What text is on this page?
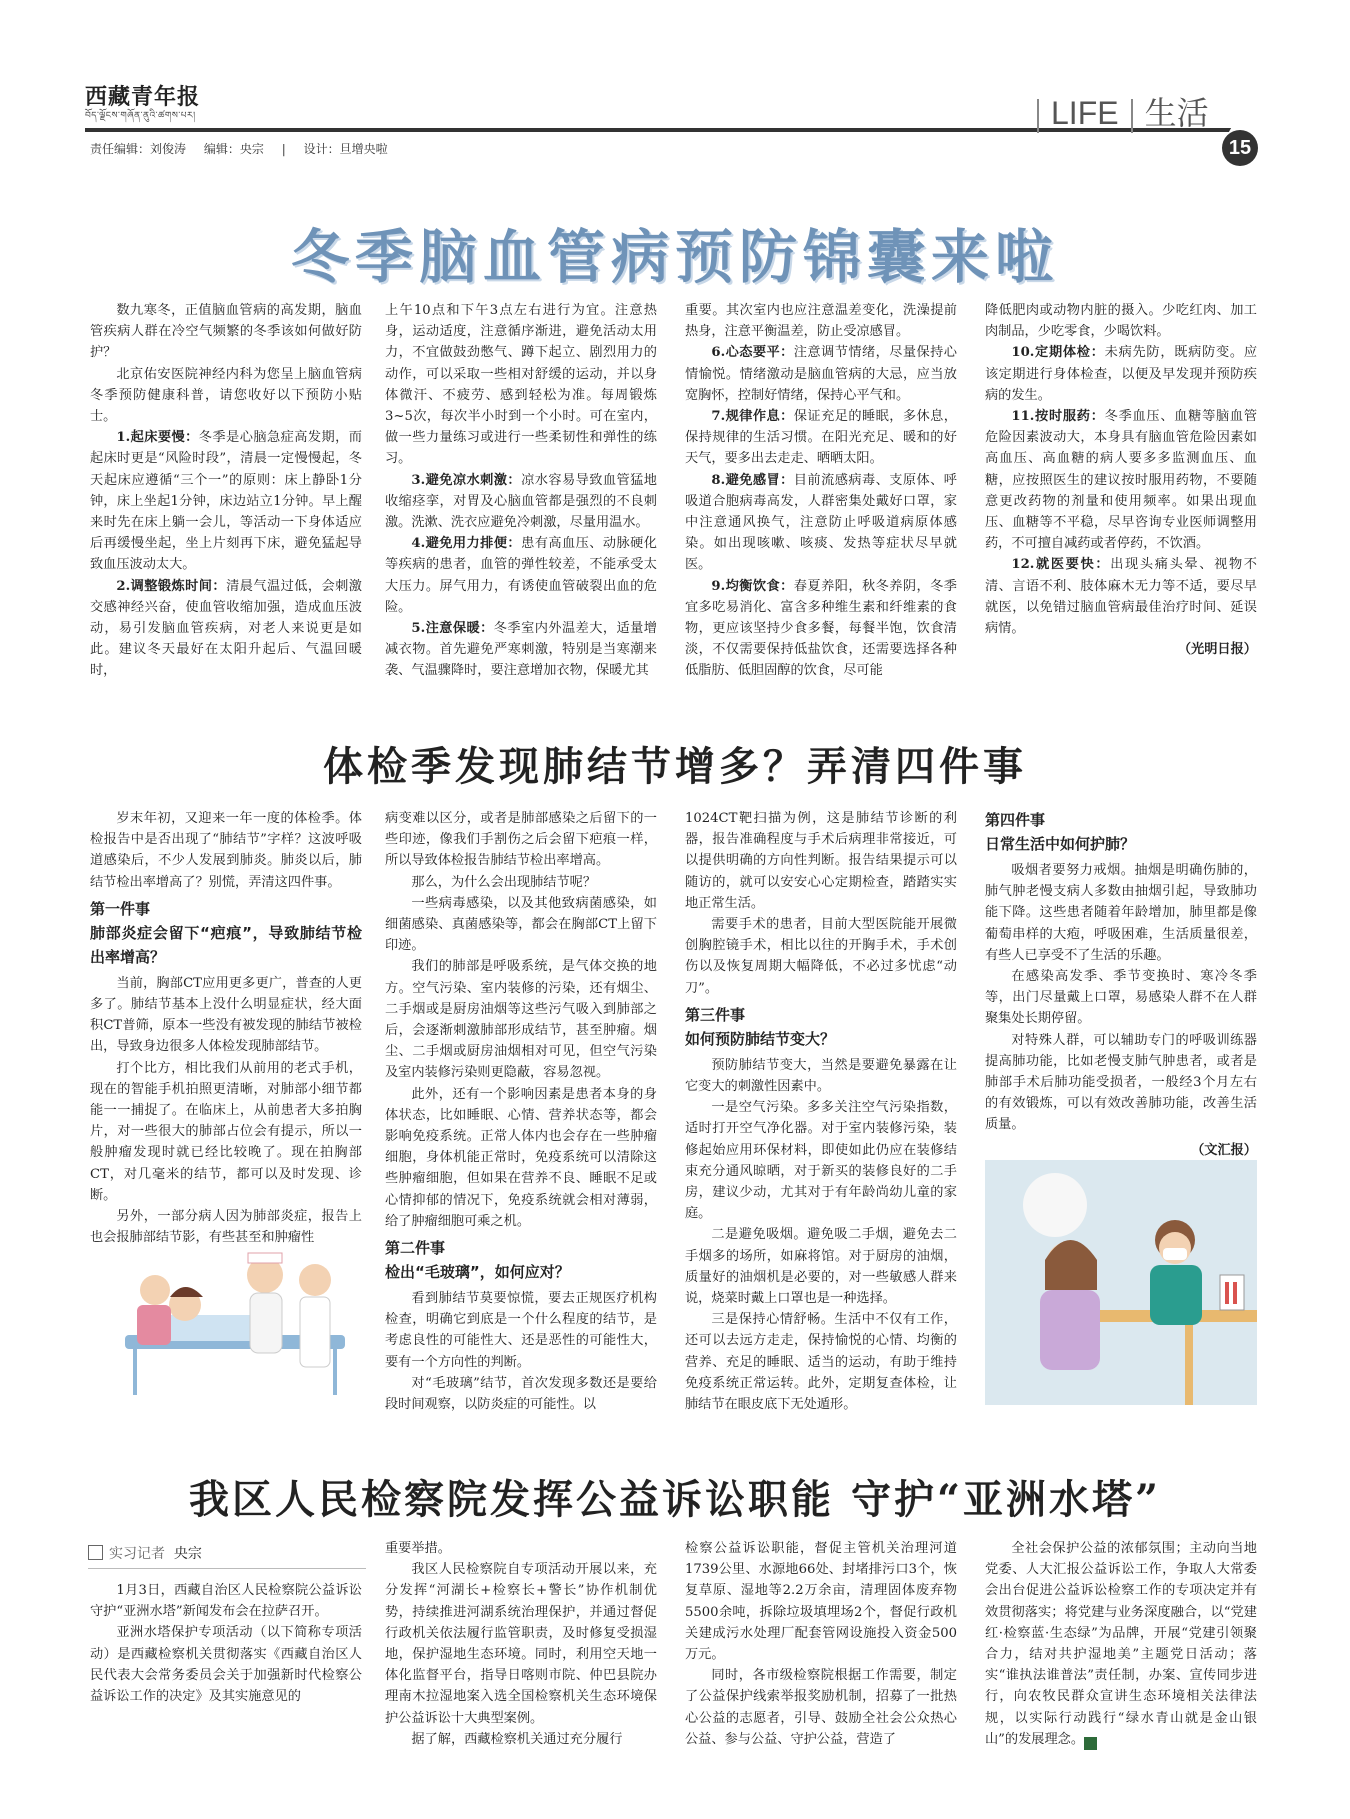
西藏青年报
བོད་ལྗོངས་གཞོན་ནུའི་ཚགས་པར།
责任编辑：刘俊涛 编辑：央宗 | 设计：旦增央啦
LIFE 生活
15
冬季脑血管病预防锦囊来啦

数九寒冬，正值脑血管病的高发期，脑血管疾病人群在冷空气频繁的冬季该如何做好防护？

北京佑安医院神经内科为您呈上脑血管病冬季预防健康科普，请您收好以下预防小贴士。

1.起床要慢：冬季是心脑急症高发期，而起床时更是“风险时段”，清晨一定慢慢起，冬天起床应遵循“三个一”的原则：床上静卧1分钟，床上坐起1分钟，床边站立1分钟。早上醒来时先在床上躺一会儿，等活动一下身体适应后再缓慢坐起，坐上片刻再下床，避免猛起导致血压波动太大。

2.调整锻炼时间：清晨气温过低，会刺激交感神经兴奋，使血管收缩加强，造成血压波动，易引发脑血管疾病，对老人来说更是如此。建议冬天最好在太阳升起后、气温回暖时，

上午10点和下午3点左右进行为宜。注意热身，运动适度，注意循序渐进，避免活动太用力，不宜做鼓劲憋气、蹲下起立、剧烈用力的动作，可以采取一些相对舒缓的运动，并以身体微汗、不疲劳、感到轻松为准。每周锻炼3~5次，每次半小时到一个小时。可在室内，做一些力量练习或进行一些柔韧性和弹性的练习。

3.避免凉水刺激：凉水容易导致血管猛地收缩痉挛，对胃及心脑血管都是强烈的不良刺激。洗漱、洗衣应避免冷刺激，尽量用温水。

4.避免用力排便：患有高血压、动脉硬化等疾病的患者，血管的弹性较差，不能承受太大压力。屏气用力，有诱使血管破裂出血的危险。

5.注意保暖：冬季室内外温差大，适量增减衣物。首先避免严寒刺激，特别是当寒潮来袭、气温骤降时，要注意增加衣物，保暖尤其

重要。其次室内也应注意温差变化，洗澡提前热身，注意平衡温差，防止受凉感冒。

6.心态要平：注意调节情绪，尽量保持心情愉悦。情绪激动是脑血管病的大忌，应当放宽胸怀，控制好情绪，保持心平气和。

7.规律作息：保证充足的睡眠，多休息，保持规律的生活习惯。在阳光充足、暖和的好天气，要多出去走走、晒晒太阳。

8.避免感冒：目前流感病毒、支原体、呼吸道合胞病毒高发，人群密集处戴好口罩，家中注意通风换气，注意防止呼吸道病原体感染。如出现咳嗽、咳痰、发热等症状尽早就医。

9.均衡饮食：春夏养阳，秋冬养阴，冬季宜多吃易消化、富含多种维生素和纤维素的食物，更应该坚持少食多餐，每餐半饱，饮食清淡，不仅需要保持低盐饮食，还需要选择各种低脂肪、低胆固醇的饮食，尽可能

降低肥肉或动物内脏的摄入。少吃红肉、加工肉制品，少吃零食，少喝饮料。

10.定期体检：未病先防，既病防变。应该定期进行身体检查，以便及早发现并预防疾病的发生。

11.按时服药：冬季血压、血糖等脑血管危险因素波动大，本身具有脑血管危险因素如高血压、高血糖的病人要多多监测血压、血糖，应按照医生的建议按时服用药物，不要随意更改药物的剂量和使用频率。如果出现血压、血糖等不平稳，尽早咨询专业医师调整用药，不可擅自减药或者停药，不饮酒。

12.就医要快：出现头痛头晕、视物不清、言语不利、肢体麻木无力等不适，要尽早就医，以免错过脑血管病最佳治疗时间、延误病情。

（光明日报）
体检季发现肺结节增多？弄清四件事

岁末年初，又迎来一年一度的体检季。体检报告中是否出现了“肺结节”字样？这波呼吸道感染后，不少人发展到肺炎。肺炎以后，肺结节检出率增高了？别慌，弄清这四件事。

第一件事
肺部炎症会留下“疤痕”，导致肺结节检出率增高？

当前，胸部CT应用更多更广，普查的人更多了。肺结节基本上没什么明显症状，经大面积CT普筛，原本一些没有被发现的肺结节被检出，导致身边很多人体检发现肺部结节。

打个比方，相比我们从前用的老式手机，现在的智能手机拍照更清晰，对肺部小细节都能一一捕捉了。在临床上，从前患者大多拍胸片，对一些很大的肺部占位会有提示，所以一般肿瘤发现时就已经比较晚了。现在拍胸部CT，对几毫米的结节，都可以及时发现、诊断。

另外，一部分病人因为肺部炎症，报告上也会报肺部结节影，有些甚至和肿瘤性

病变难以区分，或者是肺部感染之后留下的一些印迹，像我们手割伤之后会留下疤痕一样，所以导致体检报告肺结节检出率增高。

那么，为什么会出现肺结节呢？

一些病毒感染，以及其他致病菌感染，如细菌感染、真菌感染等，都会在胸部CT上留下印迹。

我们的肺部是呼吸系统，是气体交换的地方。空气污染、室内装修的污染，还有烟尘、二手烟或是厨房油烟等这些污气吸入到肺部之后，会逐渐刺激肺部形成结节，甚至肿瘤。烟尘、二手烟或厨房油烟相对可见，但空气污染及室内装修污染则更隐蔽，容易忽视。

此外，还有一个影响因素是患者本身的身体状态，比如睡眠、心情、营养状态等，都会影响免疫系统。正常人体内也会存在一些肿瘤细胞，身体机能正常时，免疫系统可以清除这些肿瘤细胞，但如果在营养不良、睡眠不足或心情抑郁的情况下，免疫系统就会相对薄弱，给了肿瘤细胞可乘之机。

第二件事
检出“毛玻璃”，如何应对？

看到肺结节莫要惊慌，要去正规医疗机构检查，明确它到底是一个什么程度的结节，是考虑良性的可能性大、还是恶性的可能性大，要有一个方向性的判断。

对“毛玻璃”结节，首次发现多数还是要给段时间观察，以防炎症的可能性。以

1024CT靶扫描为例，这是肺结节诊断的利器，报告准确程度与手术后病理非常接近，可以提供明确的方向性判断。报告结果提示可以随访的，就可以安安心心定期检查，踏踏实实地正常生活。

需要手术的患者，目前大型医院能开展微创胸腔镜手术，相比以往的开胸手术，手术创伤以及恢复周期大幅降低，不必过多忧虑“动刀”。

第三件事
如何预防肺结节变大？

预防肺结节变大，当然是要避免暴露在让它变大的刺激性因素中。

一是空气污染。多多关注空气污染指数，适时打开空气净化器。对于室内装修污染，装修起始应用环保材料，即使如此仍应在装修结束充分通风晾晒，对于新买的装修良好的二手房，建议少动，尤其对于有年龄尚幼儿童的家庭。

二是避免吸烟。避免吸二手烟，避免去二手烟多的场所，如麻将馆。对于厨房的油烟，质量好的油烟机是必要的，对一些敏感人群来说，烧菜时戴上口罩也是一种选择。

三是保持心情舒畅。生活中不仅有工作，还可以去远方走走，保持愉悦的心情、均衡的营养、充足的睡眠、适当的运动，有助于维持免疫系统正常运转。此外，定期复查体检，让肺结节在眼皮底下无处遁形。

第四件事
日常生活中如何护肺？

吸烟者要努力戒烟。抽烟是明确伤肺的，肺气肿老慢支病人多数由抽烟引起，导致肺功能下降。这些患者随着年龄增加，肺里都是像葡萄串样的大疱，呼吸困难，生活质量很差，有些人已享受不了生活的乐趣。

在感染高发季、季节变换时、寒冷冬季等，出门尽量戴上口罩，易感染人群不在人群聚集处长期停留。

对特殊人群，可以辅助专门的呼吸训练器提高肺功能，比如老慢支肺气肿患者，或者是肺部手术后肺功能受损者，一般经3个月左右的有效锻炼，可以有效改善肺功能，改善生活质量。

（文汇报）
我区人民检察院发挥公益诉讼职能 守护“亚洲水塔”
实习记者 央宗

1月3日，西藏自治区人民检察院公益诉讼守护“亚洲水塔”新闻发布会在拉萨召开。

亚洲水塔保护专项活动（以下简称专项活动）是西藏检察机关贯彻落实《西藏自治区人民代表大会常务委员会关于加强新时代检察公益诉讼工作的决定》及其实施意见的

重要举措。

我区人民检察院自专项活动开展以来，充分发挥“河湖长+检察长+警长”协作机制优势，持续推进河湖系统治理保护，并通过督促行政机关依法履行监管职责，及时修复受损湿地，保护湿地生态环境。同时，利用空天地一体化监督平台，指导日喀则市院、仲巴县院办理南木拉湿地案入选全国检察机关生态环境保护公益诉讼十大典型案例。

据了解，西藏检察机关通过充分履行

检察公益诉讼职能，督促主管机关治理河道1739公里、水源地66处、封堵排污口3个，恢复草原、湿地等2.2万余亩，清理固体废弃物5500余吨，拆除垃圾填埋场2个，督促行政机关建成污水处理厂配套管网设施投入资金500万元。

同时，各市级检察院根据工作需要，制定了公益保护线索举报奖励机制，招募了一批热心公益的志愿者，引导、鼓励全社会公众热心公益、参与公益、守护公益，营造了

全社会保护公益的浓郁氛围；主动向当地党委、人大汇报公益诉讼工作，争取人大常委会出台促进公益诉讼检察工作的专项决定并有效贯彻落实；将党建与业务深度融合，以“党建红·检察蓝·生态绿”为品牌，开展“党建引领聚合力，结对共护湿地美”主题党日活动；落实“谁执法谁普法”责任制，办案、宣传同步进行，向农牧民群众宣讲生态环境相关法律法规，以实际行动践行“绿水青山就是金山银山”的发展理念。	■
